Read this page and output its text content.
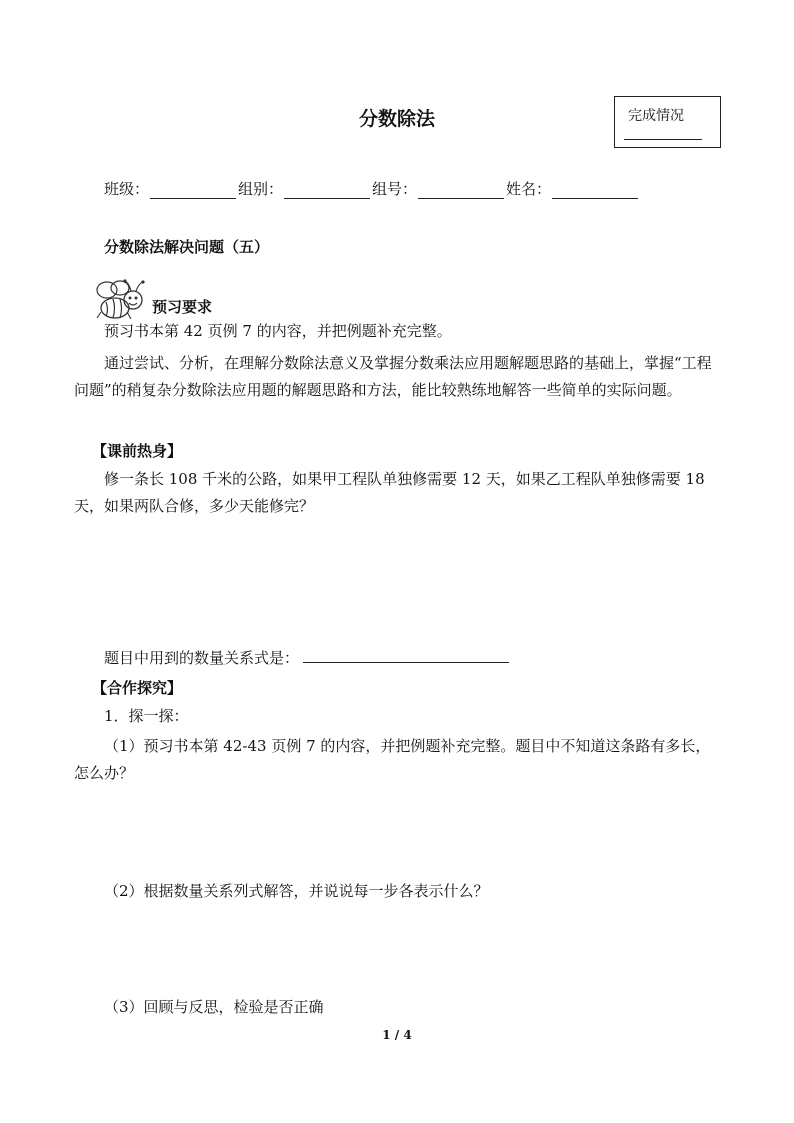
分数除法	完成情况
班级：	组别：	组号：	姓名：
分数除法解决问题（五）
预习要求
预习书本第 42 页例 7 的内容，并把例题补充完整。
通过尝试、分析，在理解分数除法意义及掌握分数乘法应用题解题思路的基础上，掌握“工程问题”的稍复杂分数除法应用题的解题思路和方法，能比较熟练地解答一些简单的实际问题。
【课前热身】
修一条长 108 千米的公路，如果甲工程队单独修需要 12 天，如果乙工程队单独修需要 18 天，如果两队合修，多少天能修完？
题目中用到的数量关系式是：
【合作探究】
1．探一探：
（1）预习书本第 42-43 页例 7 的内容，并把例题补充完整。题目中不知道这条路有多长，怎么办？
（2）根据数量关系列式解答，并说说每一步各表示什么？
（3）回顾与反思，检验是否正确
1 / 4
